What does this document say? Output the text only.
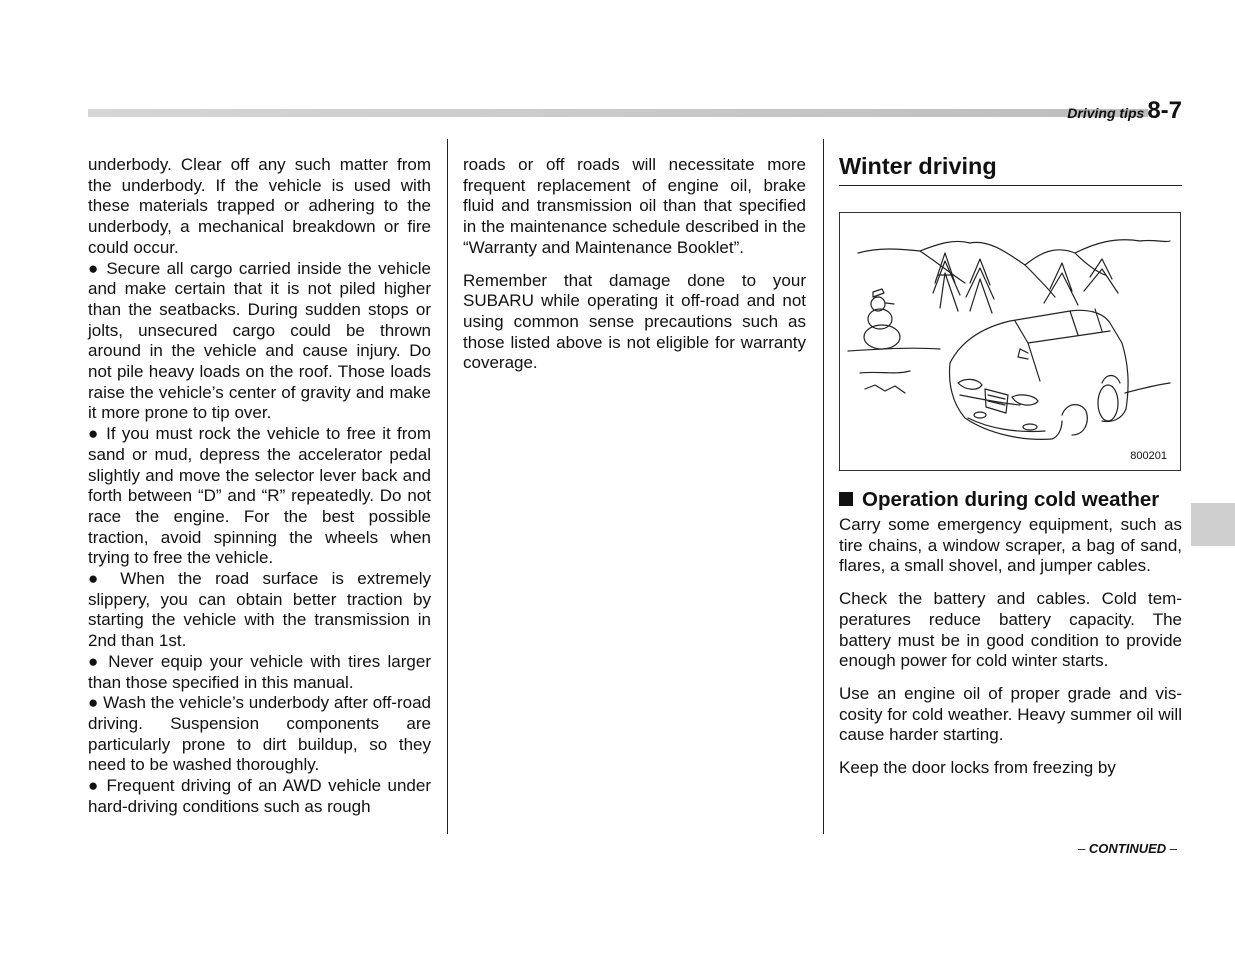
Driving tips 8-7

underbody. Clear off any such matter from the underbody. If the vehicle is used with these materials trapped or adhering to the underbody, a mechanical breakdown or fire could occur.

● Secure all cargo carried inside the vehicle and make certain that it is not piled higher than the seatbacks. During sudden stops or jolts, unsecured cargo could be thrown around in the vehicle and cause injury. Do not pile heavy loads on the roof. Those loads raise the vehicle’s center of gravity and make it more prone to tip over.

● If you must rock the vehicle to free it from sand or mud, depress the accelerator pedal slightly and move the selector lever back and forth between “D” and “R” repeatedly. Do not race the engine. For the best possible traction, avoid spinning the wheels when trying to free the vehicle.

● When the road surface is extremely slippery, you can obtain better traction by starting the vehicle with the transmission in 2nd than 1st.

● Never equip your vehicle with tires larger than those specified in this manual.

● Wash the vehicle’s underbody after off-road driving. Suspension components are particularly prone to dirt buildup, so they need to be washed thoroughly.

● Frequent driving of an AWD vehicle under hard-driving conditions such as rough

roads or off roads will necessitate more frequent replacement of engine oil, brake fluid and transmission oil than that specified in the maintenance schedule described in the “Warranty and Maintenance Booklet”.

Remember that damage done to your SUBARU while operating it off-road and not using common sense precautions such as those listed above is not eligible for warranty coverage.

Winter driving
800201
Operation during cold weather

Carry some emergency equipment, such as tire chains, a window scraper, a bag of sand, flares, a small shovel, and jumper cables.

Check the battery and cables. Cold temperatures reduce battery capacity. The battery must be in good condition to provide enough power for cold winter starts.

Use an engine oil of proper grade and viscosity for cold weather. Heavy summer oil will cause harder starting.

Keep the door locks from freezing by

– CONTINUED –
